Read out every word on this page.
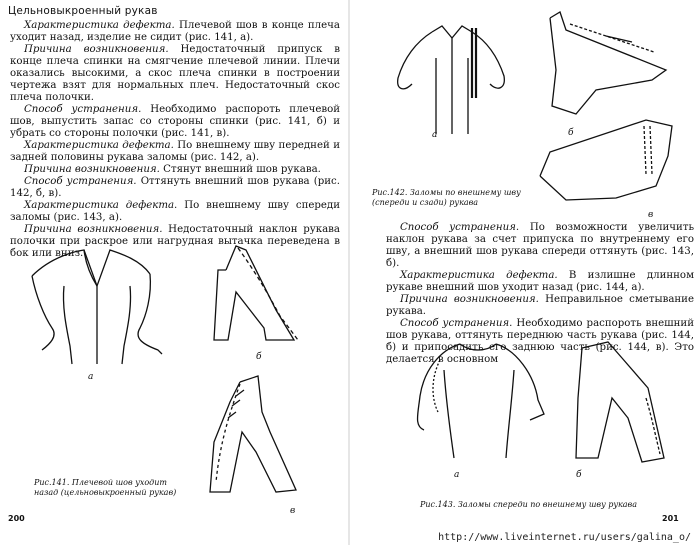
Цельновыкроенный рукав

Характеристика дефекта. Плечевой шов в конце плеча уходит назад, изделие не сидит (рис. 141, а).

Причина возникновения. Недостаточный припуск в конце плеча спинки на смягчение плечевой линии. Плечи оказались высокими, а скос плеча спинки в построении чертежа взят для нормальных плеч. Недостаточный скос плеча полочки.

Способ устранения. Необходимо распороть плечевой шов, выпустить запас со стороны спинки (рис. 141, б) и убрать со стороны полочки (рис. 141, в).

Характеристика дефекта. По внешнему шву передней и задней половины рукава заломы (рис. 142, а).

Причина возникновения. Стянут внешний шов рукава.

Способ устранения. Оттянуть внешний шов рукава (рис. 142, б, в).

Характеристика дефекта. По внешнему шву спереди заломы (рис. 143, а).

Причина возникновения. Недостаточный наклон рукава полочки при раскрое или нагрудная вытачка переведена в бок или вниз.

а
б
в
Рис.141. Плечевой шов уходит назад (цельновыкроенный рукав)
200
а	б
в
Рис.142. Заломы по внешнему шву (спереди и сзади) рукава

Способ устранения. По возможности увеличить наклон рукава за счет припуска по внутреннему его шву, а внешний шов рукава спереди оттянуть (рис. 143, б).

Характеристика дефекта. В излишне длинном рукаве внешний шов уходит назад (рис. 144, а).

Причина возникновения. Неправильное сметывание рукава.

Способ устранения. Необходимо распороть внешний шов рукава, оттянуть переднюю часть рукава (рис. 144, б) и припосадить его заднюю часть (рис. 144, в). Это делается в основном

а	б
Рис.143. Заломы спереди по внешнему шву рукава
201
http://www.liveinternet.ru/users/galina_o/
